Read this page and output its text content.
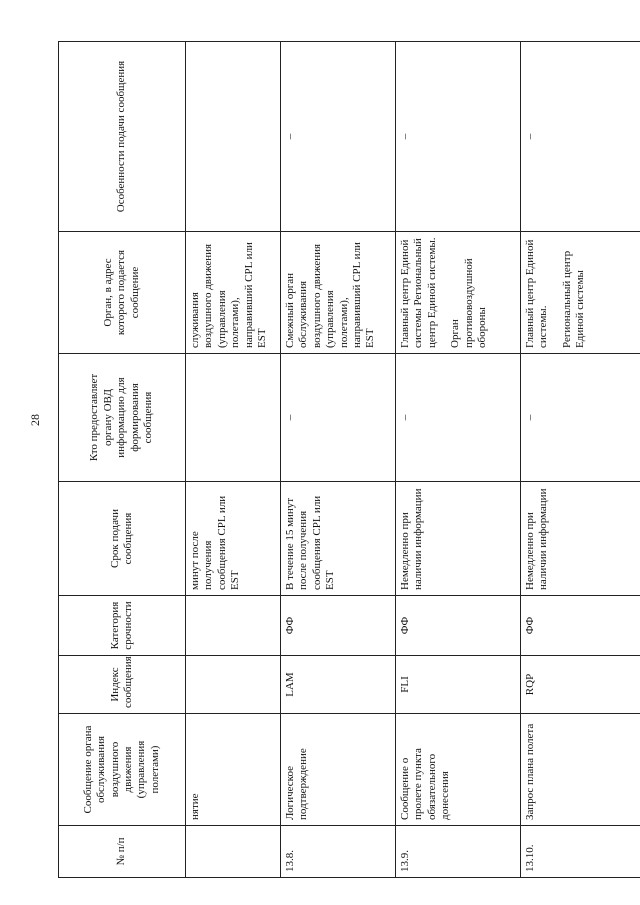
28
№ п/п	Сообщение органа обслуживания воздушного движения (управления полетами)	Индекс сообщения	Категория срочности	Срок подачи сообщения	Кто предоставляет органу ОВД информацию для формирования сообщения	Орган, в адрес которого подается сообщение	Особенности подачи сообщения
	нятие			минут после получения сообщения CPL или EST		служивания воздушного движения (управления полетами), направивший CPL или EST	
13.8.	Логическое подтверждение	LAM	ФФ	В течение 15 минут после получения сообщения CPL или EST	–	Смежный орган обслуживания воздушного движения (управления полетами), направивший CPL или EST	–
13.9.	Сообщение о пролете пункта обязательного донесения	FLI	ФФ	Немедленно при наличии информации	–	Главный центр Единой системы Региональный центр Единой системы. Орган противовоздушной обороны	–
13.10.	Запрос плана полета	RQP	ФФ	Немедленно при наличии информации	–	Главный центр Единой системы. Региональный центр Единой системы	–
